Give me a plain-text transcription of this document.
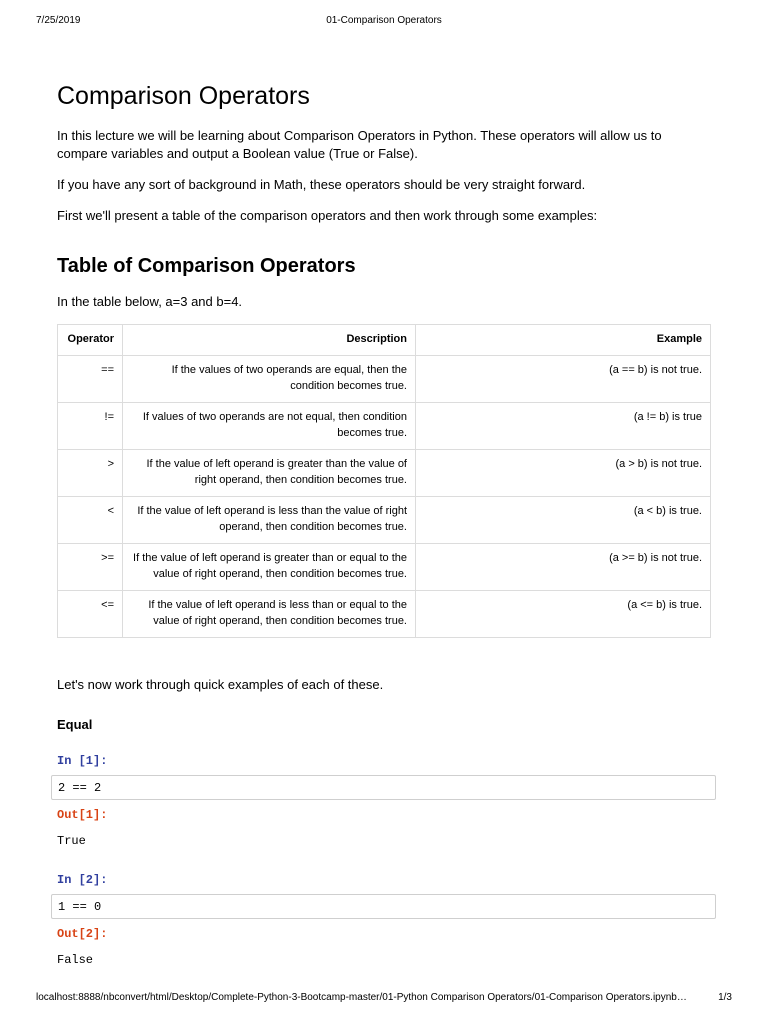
7/25/2019	01-Comparison Operators
Comparison Operators

In this lecture we will be learning about Comparison Operators in Python. These operators will allow us to compare variables and output a Boolean value (True or False).

If you have any sort of background in Math, these operators should be very straight forward.

First we'll present a table of the comparison operators and then work through some examples:

Table of Comparison Operators

In the table below, a=3 and b=4.

Operator	Description	Example
==	If the values of two operands are equal, then the condition becomes true.	(a == b) is not true.
!=	If values of two operands are not equal, then condition becomes true.	(a != b) is true
>	If the value of left operand is greater than the value of right operand, then condition becomes true.	(a > b) is not true.
<	If the value of left operand is less than the value of right operand, then condition becomes true.	(a < b) is true.
>=	If the value of left operand is greater than or equal to the value of right operand, then condition becomes true.	(a >= b) is not true.
<=	If the value of left operand is less than or equal to the value of right operand, then condition becomes true.	(a <= b) is true.

Let's now work through quick examples of each of these.

Equal
In [1]:
2 == 2
Out[1]:
True
In [2]:
1 == 0
Out[2]:
False
localhost:8888/nbconvert/html/Desktop/Complete-Python-3-Bootcamp-master/01-Python Comparison Operators/01-Comparison Operators.ipynb…	1/3
